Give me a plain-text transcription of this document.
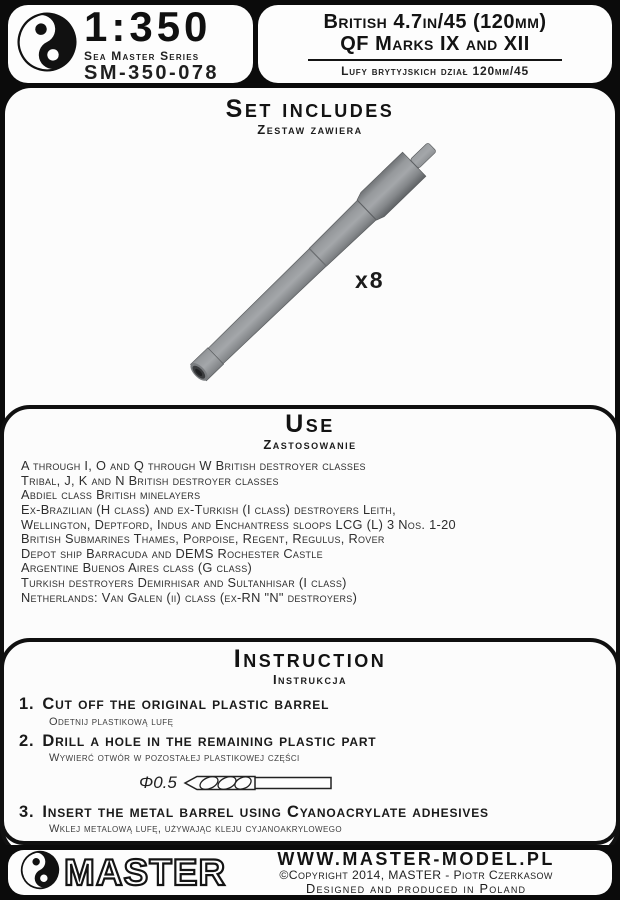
1:350
Sea Master Series
SM-350-078
British 4.7in/45 (120mm)
QF Marks IX and XII
Lufy brytyjskich dział 120mm/45
Set includes
Zestaw zawiera
x8
Use
Zastosowanie
A through I, O and Q through W British destroyer classes
Tribal, J, K and N British destroyer classes
Abdiel class British minelayers
Ex-Brazilian (H class) and ex-Turkish (I class) destroyers Leith,
Wellington, Deptford, Indus and Enchantress sloops LCG (L) 3 Nos. 1-20
British Submarines Thames, Porpoise, Regent, Regulus, Rover
Depot ship Barracuda and DEMS Rochester Castle
Argentine Buenos Aires class (G class)
Turkish destroyers Demirhisar and Sultanhisar (I class)
Netherlands: Van Galen (ii) class (ex-RN "N" destroyers)
Instruction
Instrukcja
1. Cut off the original plastic barrel
Odetnij plastikową lufę
2. Drill a hole in the remaining plastic part
Wywierć otwór w pozostałej plastikowej części
Φ0.5
3. Insert the metal barrel using Cyanoacrylate adhesives
Wklej metalową lufę, używając kleju cyjanoakrylowego
MASTER	WWW.MASTER-MODEL.PL
©Copyright 2014, MASTER - Piotr Czerkasow
Designed and produced in Poland
